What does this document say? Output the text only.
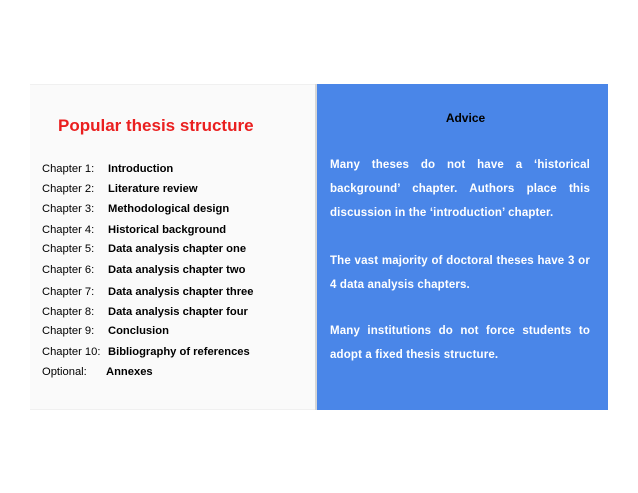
Popular thesis structure
Chapter 1: Introduction
Chapter 2: Literature review
Chapter 3: Methodological design
Chapter 4: Historical background
Chapter 5: Data analysis chapter one
Chapter 6: Data analysis chapter two
Chapter 7: Data analysis chapter three
Chapter 8: Data analysis chapter four
Chapter 9: Conclusion
Chapter 10: Bibliography of references
Optional: Annexes
Advice
Many theses do not have a ‘historical background’ chapter. Authors place this discussion in the ‘introduction’ chapter.
The vast majority of doctoral theses have 3 or 4 data analysis chapters.
Many institutions do not force students to adopt a fixed thesis structure.
